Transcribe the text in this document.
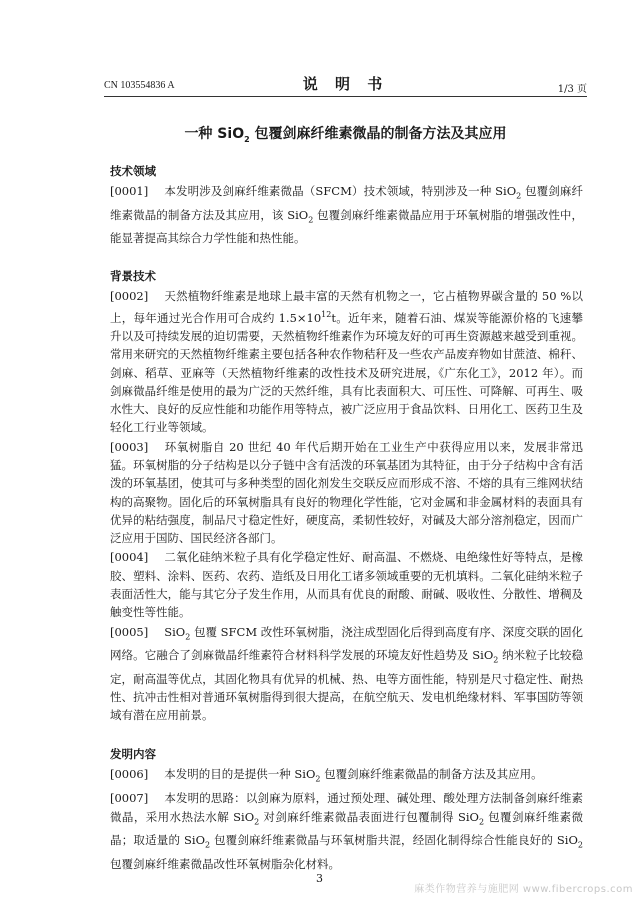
CN 103554836 A	说 明 书	1/3 页
一种 SiO$_2$ 包覆剑麻纤维素微晶的制备方法及其应用
技术领域

[0001] 本发明涉及剑麻纤维素微晶（SFCM）技术领域，特别涉及一种 SiO$_2$ 包覆剑麻纤维素微晶的制备方法及其应用，该 SiO$_2$ 包覆剑麻纤维素微晶应用于环氧树脂的增强改性中，能显著提高其综合力学性能和热性能。

背景技术

[0002] 天然植物纤维素是地球上最丰富的天然有机物之一，它占植物界碳含量的 50 %以上，每年通过光合作用可合成约 $1.5\times 10^{12}t$。近年来，随着石油、煤炭等能源价格的飞速攀升以及可持续发展的迫切需要，天然植物纤维素作为环境友好的可再生资源越来越受到重视。常用来研究的天然植物纤维素主要包括各种农作物秸秆及一些农产品废弃物如甘蔗渣、棉秆、剑麻、稻草、亚麻等（天然植物纤维素的改性技术及研究进展，《广东化工》，2012 年）。而剑麻微晶纤维是使用的最为广泛的天然纤维，具有比表面积大、可压性、可降解、可再生、吸水性大、良好的反应性能和功能作用等特点，被广泛应用于食品饮料、日用化工、医药卫生及轻化工行业等领域。

[0003] 环氧树脂自 20 世纪 40 年代后期开始在工业生产中获得应用以来，发展非常迅猛。环氧树脂的分子结构是以分子链中含有活泼的环氧基团为其特征，由于分子结构中含有活泼的环氧基团，使其可与多种类型的固化剂发生交联反应而形成不溶、不熔的具有三维网状结构的高聚物。固化后的环氧树脂具有良好的物理化学性能，它对金属和非金属材料的表面具有优异的粘结强度，制品尺寸稳定性好，硬度高，柔韧性较好，对碱及大部分溶剂稳定，因而广泛应用于国防、国民经济各部门。

[0004] 二氧化硅纳米粒子具有化学稳定性好、耐高温、不燃烧、电绝缘性好等特点，是橡胶、塑料、涂料、医药、农药、造纸及日用化工诸多领域重要的无机填料。二氧化硅纳米粒子表面活性大，能与其它分子发生作用，从而具有优良的耐酸、耐碱、吸收性、分散性、增稠及触变性等性能。

[0005] SiO$_2$ 包覆 SFCM 改性环氧树脂，浇注成型固化后得到高度有序、深度交联的固化网络。它融合了剑麻微晶纤维素符合材料科学发展的环境友好性趋势及 SiO$_2$ 纳米粒子比较稳定，耐高温等优点，其固化物具有优异的机械、热、电等方面性能，特别是尺寸稳定性、耐热性、抗冲击性相对普通环氧树脂得到很大提高，在航空航天、发电机绝缘材料、军事国防等领域有潜在应用前景。

发明内容

[0006] 本发明的目的是提供一种 SiO$_2$ 包覆剑麻纤维素微晶的制备方法及其应用。

[0007] 本发明的思路：以剑麻为原料，通过预处理、碱处理、酸处理方法制备剑麻纤维素微晶，采用水热法水解 SiO$_2$ 对剑麻纤维素微晶表面进行包覆制得 SiO$_2$ 包覆剑麻纤维素微晶；取适量的 SiO$_2$ 包覆剑麻纤维素微晶与环氧树脂共混，经固化制得综合性能良好的 SiO$_2$ 包覆剑麻纤维素微晶改性环氧树脂杂化材料。

3
麻类作物营养与施肥网 www.fibercrops.com
